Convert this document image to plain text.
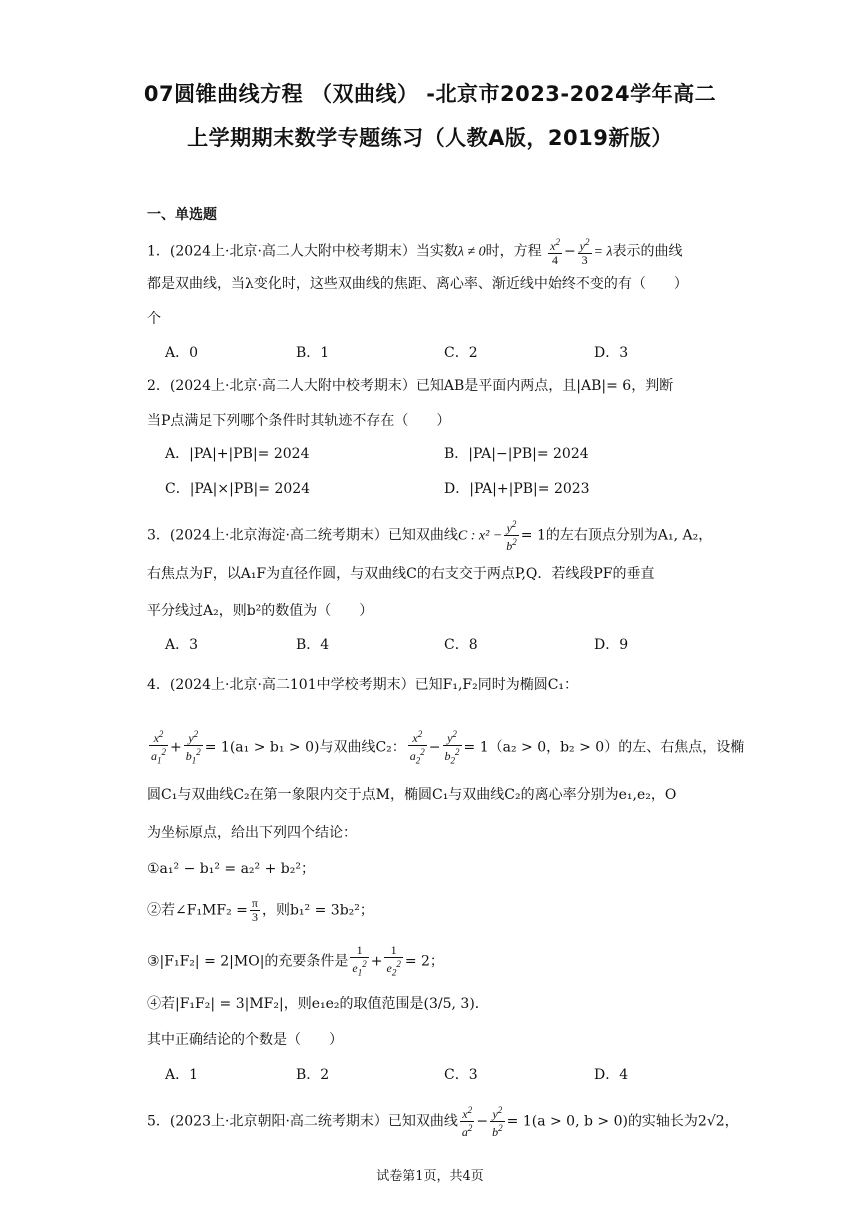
07圆锥曲线方程 （双曲线） -北京市2023-2024学年高二
上学期期末数学专题练习（人教A版，2019新版）
一、单选题
1．(2024上·北京·高二人大附中校考期末）当实数λ ≠ 0时，方程 $\frac{x^2}{4} - \frac{y^2}{3} = \lambda$表示的曲线
都是双曲线，当λ变化时，这些双曲线的焦距、离心率、渐近线中始终不变的有（　　）
个
A．0	B．1	C．2	D．3
2．(2024上·北京·高二人大附中校考期末）已知AB是平面内两点，且|AB|= 6，判断
当P点满足下列哪个条件时其轨迹不存在（　　）
A．|PA|+|PB|= 2024	B．|PA|−|PB|= 2024
C．|PA|×|PB|= 2024	D．|PA|+|PB|= 2023
3．(2024上·北京海淀·高二统考期末）已知双曲线C : $x^2 - \frac{y^2}{b^2} = 1$的左右顶点分别为A₁, A₂，
右焦点为F，以A₁F为直径作圆，与双曲线C的右支交于两点P,Q．若线段PF的垂直
平分线过A₂，则b²的数值为（　　）
A．3	B．4	C．8	D．9
4．(2024上·北京·高二101中学校考期末）已知F₁,F₂同时为椭圆C₁：
$\frac{x^2}{a_1^2} + \frac{y^2}{b_1^2} = 1(a_1 > b_1 > 0)$与双曲线C₂： $\frac{x^2}{a_2^2} - \frac{y^2}{b_2^2} = 1(a_2 > 0$，b₂ > 0）的左、右焦点，设椭
圆C₁与双曲线C₂在第一象限内交于点M，椭圆C₁与双曲线C₂的离心率分别为e₁,e₂，O
为坐标原点，给出下列四个结论：
①a₁² − b₁² = a₂² + b₂²；
②若∠F₁MF₂ = $\frac{\pi}{3}$ ，则b₁² = 3b₂²；
③|F₁F₂| = 2|MO|的充要条件是 $\frac{1}{e_1^2} + \frac{1}{e_2^2} = 2$；
④若|F₁F₂| = 3|MF₂|，则e₁e₂的取值范围是(3/5, 3)．
其中正确结论的个数是（　　）
A．1	B．2	C．3	D．4
5．(2023上·北京朝阳·高二统考期末）已知双曲线 $\frac{x^2}{a^2} - \frac{y^2}{b^2} = 1(a > 0$, b > 0)的实轴长为2√2，
试卷第1页，共4页
